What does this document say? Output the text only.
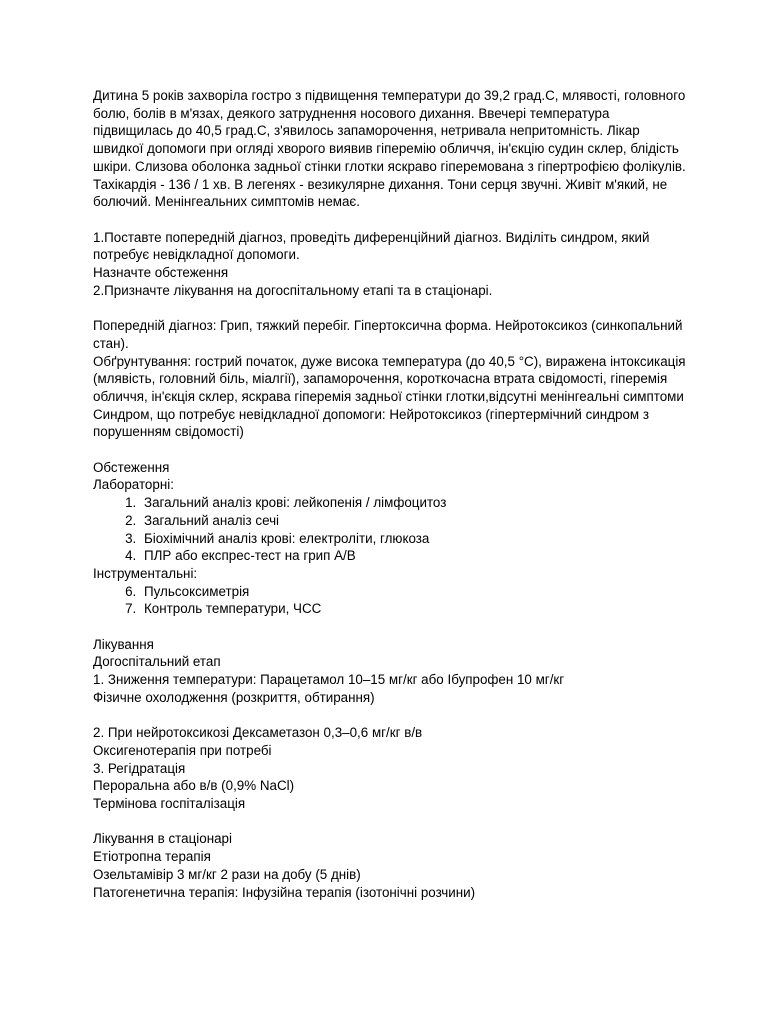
Дитина 5 років захворіла гостро з підвищення температури до 39,2 град.С, млявості, головного болю, болів в м'язах, деякого затруднення носового дихання. Ввечері температура підвищилась до 40,5 град.С, з'явилось запаморочення, нетривала непритомність. Лікар швидкої допомоги при огляді хворого виявив гіперемію обличчя, ін'єкцію судин склер, блідість шкіри. Слизова оболонка задньої стінки глотки яскраво гіперемована з гіпертрофією фолікулів. Тахікардія - 136 / 1 хв. В легенях - везикулярне дихання. Тони серця звучні. Живіт м'який, не болючий. Менінгеальних симптомів немає.

1.Поставте попередній діагноз, проведіть диференційний діагноз. Виділіть синдром, який потребує невідкладної допомоги.

Назначте обстеження

2.Призначте лікування на догоспітальному етапі та в стаціонарі.

Попередній діагноз: Грип, тяжкий перебіг. Гіпертоксична форма. Нейротоксикоз (синкопальний стан).

Обґрунтування: гострий початок, дуже висока температура (до 40,5 °C), виражена інтоксикація (млявість, головний біль, міалгії), запаморочення, короткочасна втрата свідомості, гіперемія обличчя, ін'єкція склер, яскрава гіперемія задньої стінки глотки,відсутні менінгеальні симптоми

Синдром, що потребує невідкладної допомоги: Нейротоксикоз (гіпертермічний синдром з порушенням свідомості)

Обстеження

Лабораторні:

1. Загальний аналіз крові: лейкопенія / лімфоцитоз
2. Загальний аналіз сечі
3. Біохімічний аналіз крові: електроліти, глюкоза
4. ПЛР або експрес-тест на грип А/В

Інструментальні:

6. Пульсоксиметрія
7. Контроль температури, ЧСС

Лікування

Догоспітальний етап

1. Зниження температури: Парацетамол 10–15 мг/кг або Ібупрофен 10 мг/кг

Фізичне охолодження (розкриття, обтирання)

2. При нейротоксикозі Дексаметазон 0,3–0,6 мг/кг в/в

Оксигенотерапія при потребі

3. Регідратація

Пероральна або в/в (0,9% NaCl)

Термінова госпіталізація

Лікування в стаціонарі

Етіотропна терапія

Озельтамівір 3 мг/кг 2 рази на добу (5 днів)

Патогенетична терапія: Інфузійна терапія (ізотонічні розчини)
